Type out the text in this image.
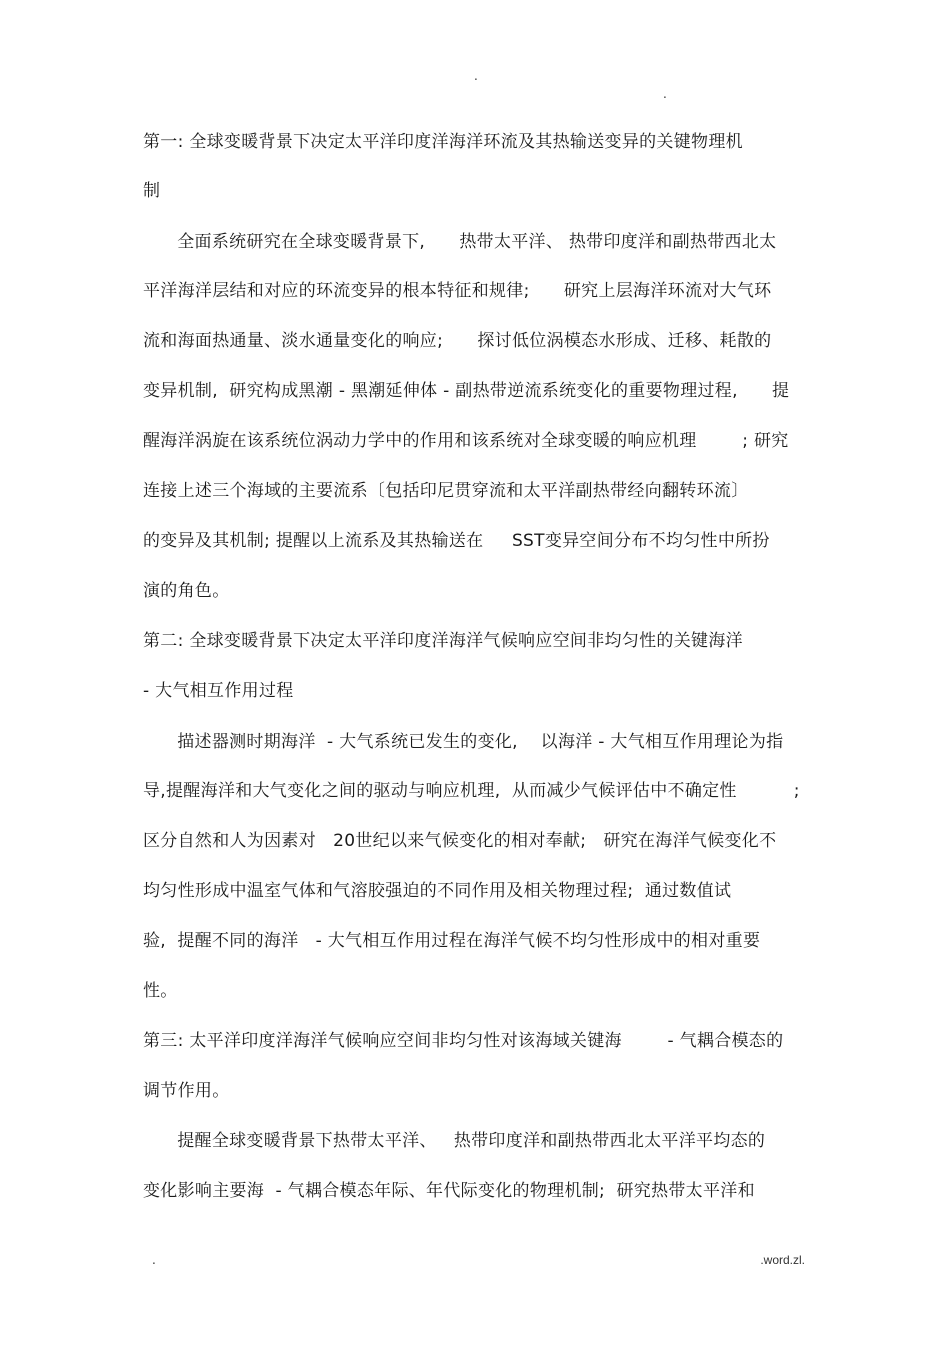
.
.
第一: 全球变暖背景下决定太平洋印度洋海洋环流及其热输送变异的关键物理机
制
全面系统研究在全球变暖背景下,      热带太平洋、 热带印度洋和副热带西北太
平洋海洋层结和对应的环流变异的根本特征和规律;      研究上层海洋环流对大气环
流和海面热通量、淡水通量变化的响应;      探讨低位涡模态水形成、迁移、耗散的
变异机制,  研究构成黑潮 - 黑潮延伸体 - 副热带逆流系统变化的重要物理过程,      提
醒海洋涡旋在该系统位涡动力学中的作用和该系统对全球变暖的响应机理        ; 研究
连接上述三个海域的主要流系〔包括印尼贯穿流和太平洋副热带经向翻转环流〕
的变异及其机制; 提醒以上流系及其热输送在     SST变异空间分布不均匀性中所扮
演的角色。
第二: 全球变暖背景下决定太平洋印度洋海洋气候响应空间非均匀性的关键海洋
- 大气相互作用过程
描述器测时期海洋  - 大气系统已发生的变化,    以海洋 - 大气相互作用理论为指
导,提醒海洋和大气变化之间的驱动与响应机理,  从而减少气候评估中不确定性          ;
区分自然和人为因素对   20世纪以来气候变化的相对奉献;   研究在海洋气候变化不
均匀性形成中温室气体和气溶胶强迫的不同作用及相关物理过程;  通过数值试
验,  提醒不同的海洋   - 大气相互作用过程在海洋气候不均匀性形成中的相对重要
性。
第三: 太平洋印度洋海洋气候响应空间非均匀性对该海域关键海        - 气耦合模态的
调节作用。
提醒全球变暖背景下热带太平洋、   热带印度洋和副热带西北太平洋平均态的
变化影响主要海  - 气耦合模态年际、年代际变化的物理机制;  研究热带太平洋和
.	.word.zl.
